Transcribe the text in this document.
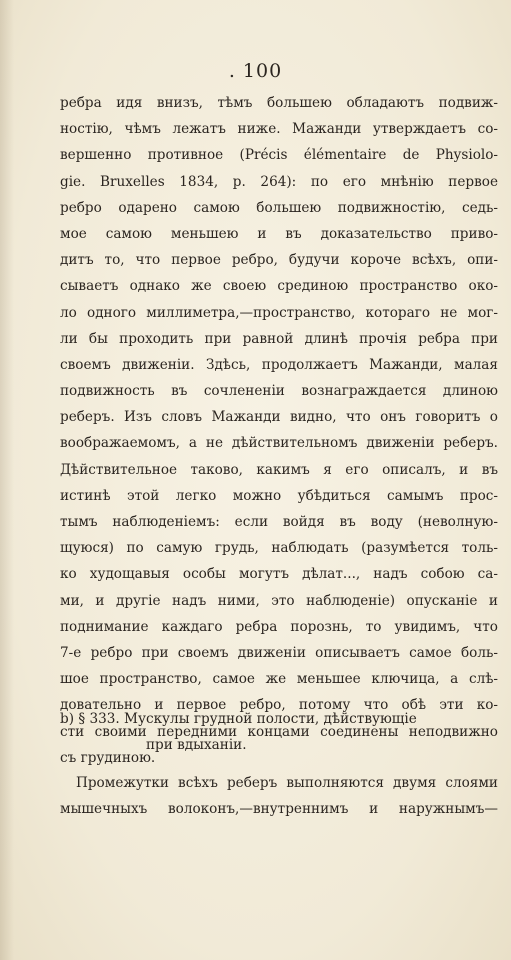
. 100
ребра идя внизъ, тѣмъ большею обладаютъ подвиж-
ностію, чѣмъ лежатъ ниже. Мажанди утверждаетъ со-
вершенно противное (Précis élémentaire de Physiolo-
gie. Bruxelles 1834, p. 264): по его мнѣнію первое
ребро одарено самою большею подвижностію, седь-
мое самою меньшею и въ доказательство приво-
дитъ то, что первое ребро, будучи короче всѣхъ, опи-
сываетъ однако же своею срединою пространство око-
ло одного миллиметра,—пространство, котораго не мог-
ли бы проходить при равной длинѣ прочія ребра при
своемъ движеніи. Здѣсь, продолжаетъ Мажанди, малая
подвижность въ сочлененіи вознаграждается длиною
реберъ. Изъ словъ Мажанди видно, что онъ говоритъ о
воображаемомъ, а не дѣйствительномъ движеніи реберъ.
Дѣйствительное таково, какимъ я его описалъ, и въ
истинѣ этой легко можно убѣдиться самымъ прос-
тымъ наблюденіемъ: если войдя въ воду (неволную-
щуюся) по самую грудь, наблюдать (разумѣется толь-
ко худощавыя особы могутъ дѣлат..., надъ собою са-
ми, и другіе надъ ними, это наблюденіе) опусканіе и
поднимание каждаго ребра порознь, то увидимъ, что
7-е ребро при своемъ движеніи описываетъ самое боль-
шое пространство, самое же меньшее ключица, а слѣ-
довательно и первое ребро, потому что обѣ эти ко-
сти своими передними концами соединены неподвижно
съ грудиною.
b) § 333. Мускулы грудной полости, дѣйствующіе
при вдыханіи.
Промежутки всѣхъ реберъ выполняются двумя слоями
мышечныхъ волоконъ,—внутреннимъ и наружнымъ—
